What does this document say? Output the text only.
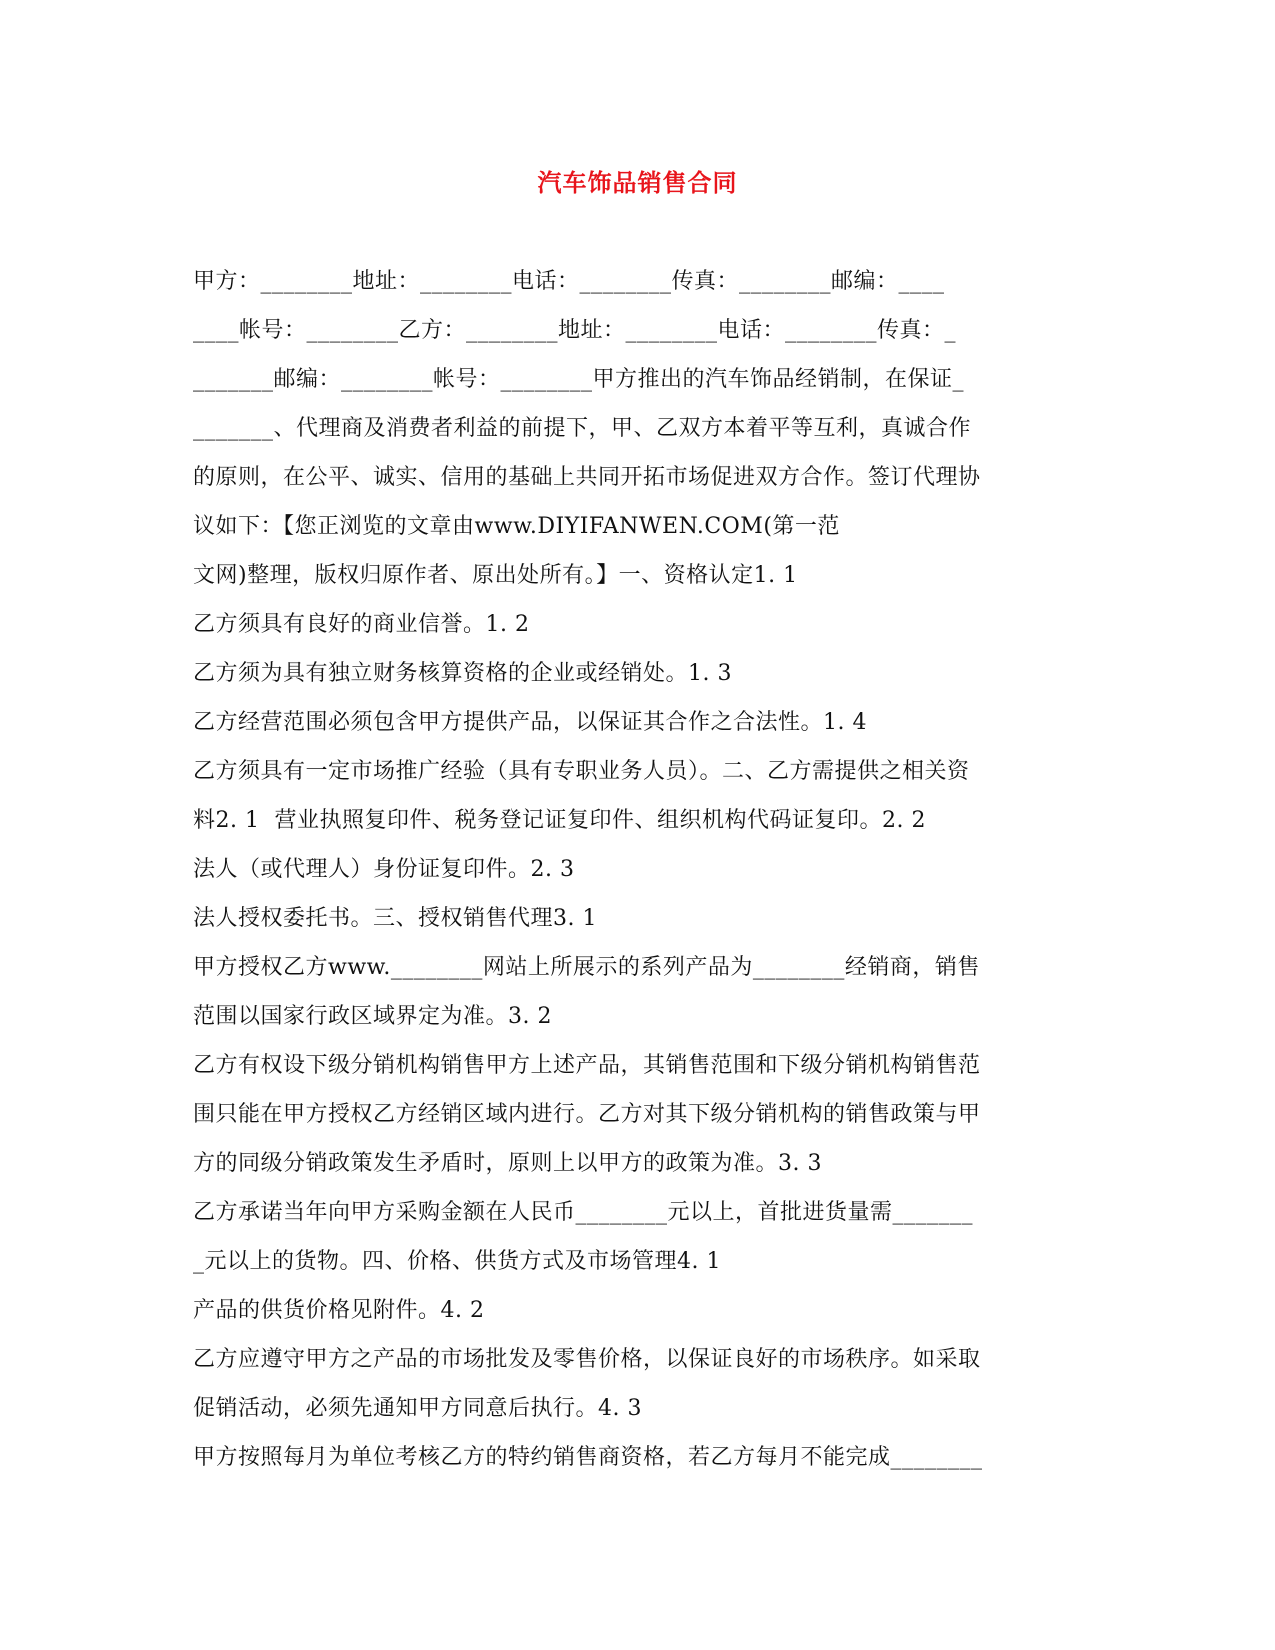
汽车饰品销售合同
甲方：________地址：________电话：________传真：________邮编：____
____帐号：________乙方：________地址：________电话：________传真：_
_______邮编：________帐号：________甲方推出的汽车饰品经销制，在保证_
_______、代理商及消费者利益的前提下，甲、乙双方本着平等互利，真诚合作
的原则，在公平、诚实、信用的基础上共同开拓市场促进双方合作。签订代理协
议如下：【您正浏览的文章由www.DIYIFANWEN.COM(第一范
文网)整理，版权归原作者、原出处所有。】一、资格认定1. 1
乙方须具有良好的商业信誉。1. 2
乙方须为具有独立财务核算资格的企业或经销处。1. 3
乙方经营范围必须包含甲方提供产品，以保证其合作之合法性。1. 4
乙方须具有一定市场推广经验（具有专职业务人员）。二、乙方需提供之相关资
料2. 1  营业执照复印件、税务登记证复印件、组织机构代码证复印。2. 2
法人（或代理人）身份证复印件。2. 3
法人授权委托书。三、授权销售代理3. 1
甲方授权乙方www.________网站上所展示的系列产品为________经销商，销售
范围以国家行政区域界定为准。3. 2
乙方有权设下级分销机构销售甲方上述产品，其销售范围和下级分销机构销售范
围只能在甲方授权乙方经销区域内进行。乙方对其下级分销机构的销售政策与甲
方的同级分销政策发生矛盾时，原则上以甲方的政策为准。3. 3
乙方承诺当年向甲方采购金额在人民币________元以上，首批进货量需_______
_元以上的货物。四、价格、供货方式及市场管理4. 1
产品的供货价格见附件。4. 2
乙方应遵守甲方之产品的市场批发及零售价格，以保证良好的市场秩序。如采取
促销活动，必须先通知甲方同意后执行。4. 3
甲方按照每月为单位考核乙方的特约销售商资格，若乙方每月不能完成________
